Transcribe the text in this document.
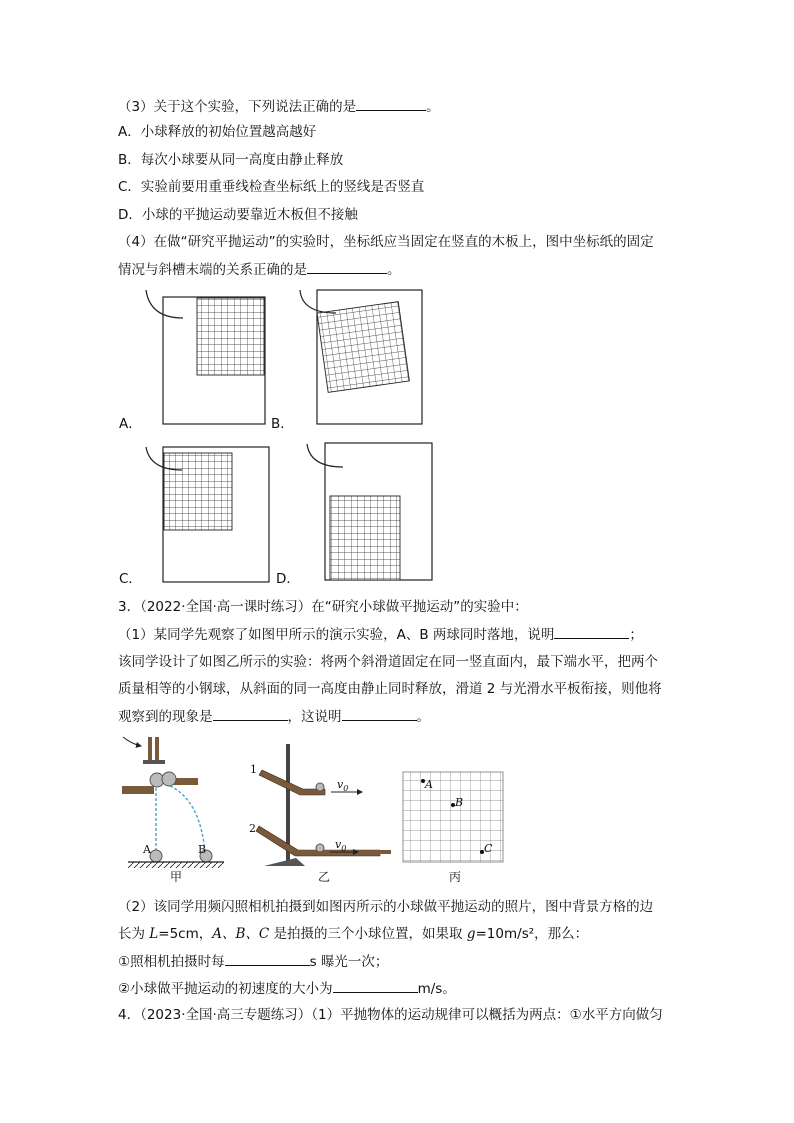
（3）关于这个实验，下列说法正确的是	。
A．小球释放的初始位置越高越好
B．每次小球要从同一高度由静止释放
C．实验前要用重垂线检查坐标纸上的竖线是否竖直
D．小球的平抛运动要靠近木板但不接触
（4）在做“研究平抛运动”的实验时，坐标纸应当固定在竖直的木板上，图中坐标纸的固定
情况与斜槽末端的关系正确的是	。
A．	B．
C．	D．
3．（2022·全国·高一课时练习）在“研究小球做平抛运动”的实验中：
（1）某同学先观察了如图甲所示的演示实验，A、B 两球同时落地，说明	；
该同学设计了如图乙所示的实验：将两个斜滑道固定在同一竖直面内，最下端水平，把两个
质量相等的小钢球，从斜面的同一高度由静止同时释放，滑道 2 与光滑水平板衔接，则他将
观察到的现象是	，这说明	。
A	B
甲
1
2
$v_0$
$v_0$
乙
A
B
C
丙
（2）该同学用频闪照相机拍摄到如图丙所示的小球做平抛运动的照片，图中背景方格的边
长为 L=5cm，A、B、C 是拍摄的三个小球位置，如果取 g=10m/s²，那么：
①照相机拍摄时每	s 曝光一次；
②小球做平抛运动的初速度的大小为	m/s。
4．（2023·全国·高三专题练习）（1）平抛物体的运动规律可以概括为两点：①水平方向做匀
